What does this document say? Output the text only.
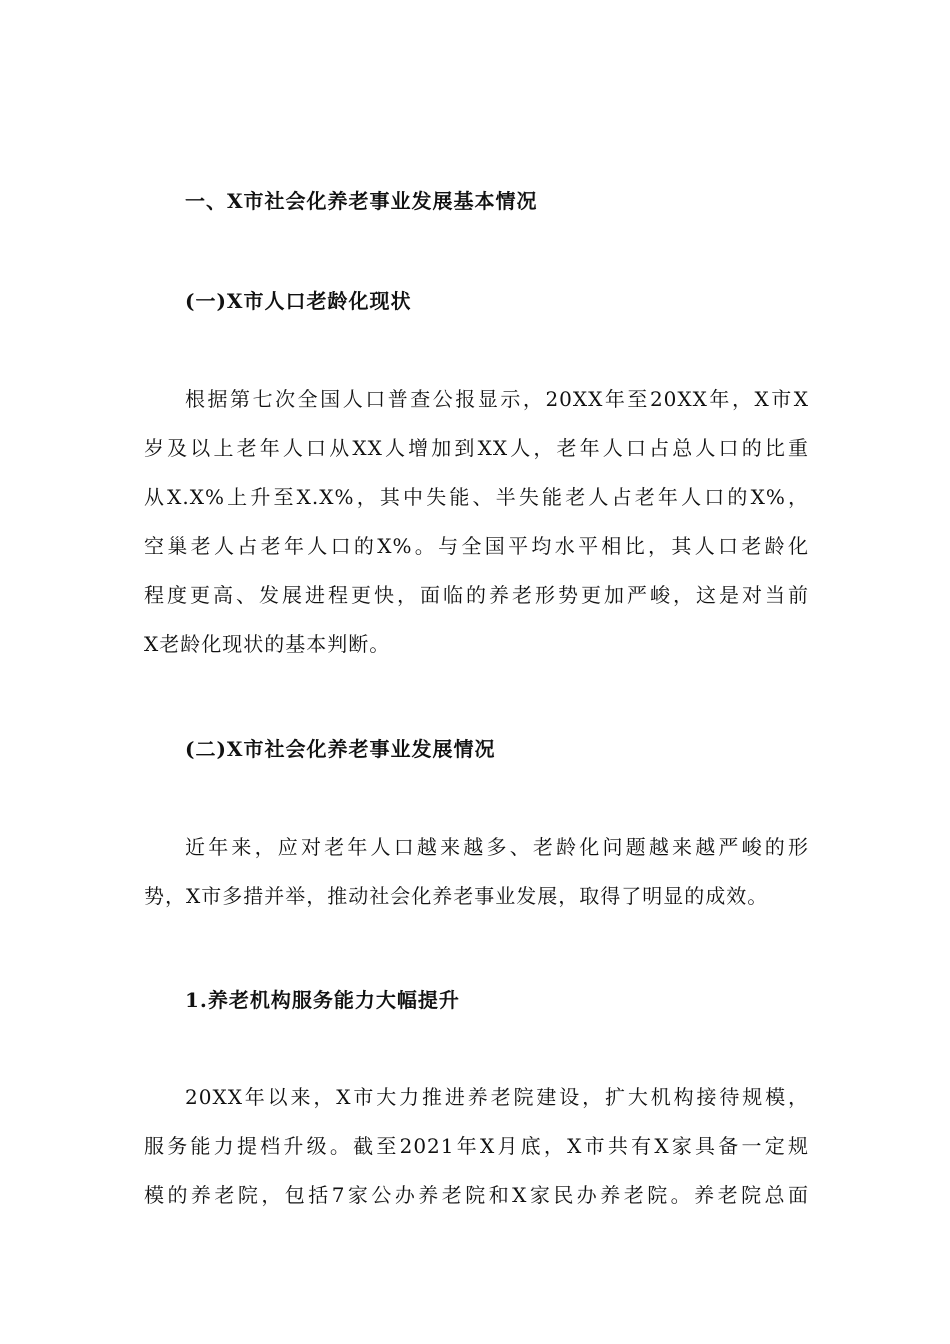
一、X市社会化养老事业发展基本情况
(一)X市人口老龄化现状
根据第七次全国人口普查公报显示，20XX年至20XX年，X市X
岁及以上老年人口从XX人增加到XX人，老年人口占总人口的比重
从X.X%上升至X.X%，其中失能、半失能老人占老年人口的X%，
空巢老人占老年人口的X%。与全国平均水平相比，其人口老龄化
程度更高、发展进程更快，面临的养老形势更加严峻，这是对当前
X老龄化现状的基本判断。
(二)X市社会化养老事业发展情况
近年来，应对老年人口越来越多、老龄化问题越来越严峻的形
势，X市多措并举，推动社会化养老事业发展，取得了明显的成效。
1.养老机构服务能力大幅提升
20XX年以来，X市大力推进养老院建设，扩大机构接待规模，
服务能力提档升级。截至2021年X月底，X市共有X家具备一定规
模的养老院，包括7家公办养老院和X家民办养老院。养老院总面
